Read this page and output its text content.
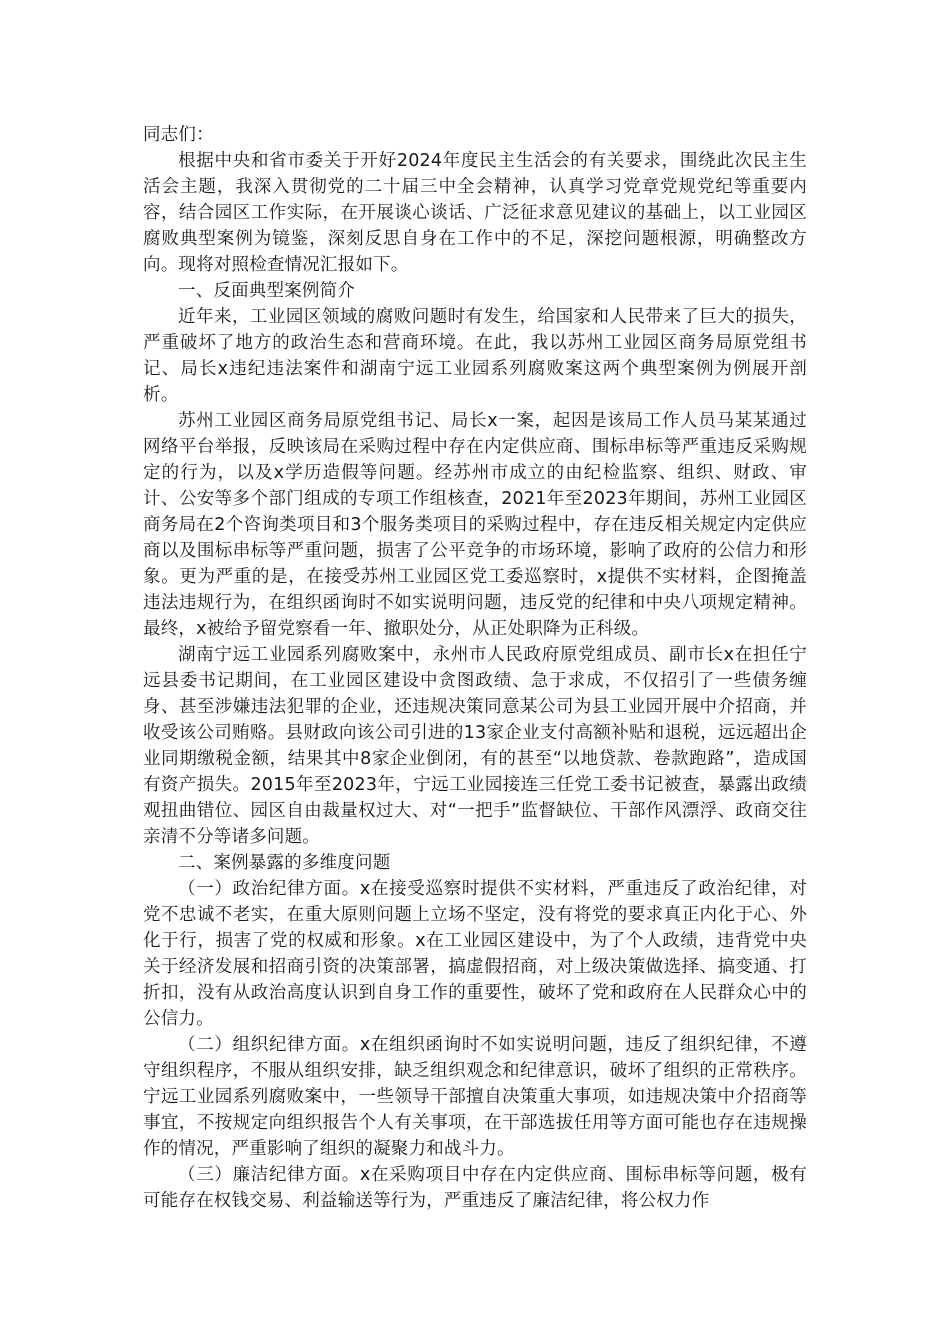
同志们：

根据中央和省市委关于开好2024年度民主生活会的有关要求，围绕此次民主生活会主题，我深入贯彻党的二十届三中全会精神，认真学习党章党规党纪等重要内容，结合园区工作实际，在开展谈心谈话、广泛征求意见建议的基础上，以工业园区腐败典型案例为镜鉴，深刻反思自身在工作中的不足，深挖问题根源，明确整改方向。现将对照检查情况汇报如下。

一、反面典型案例简介

近年来，工业园区领域的腐败问题时有发生，给国家和人民带来了巨大的损失，严重破坏了地方的政治生态和营商环境。在此，我以苏州工业园区商务局原党组书记、局长x违纪违法案件和湖南宁远工业园系列腐败案这两个典型案例为例展开剖析。

苏州工业园区商务局原党组书记、局长x一案，起因是该局工作人员马某某通过网络平台举报，反映该局在采购过程中存在内定供应商、围标串标等严重违反采购规定的行为，以及x学历造假等问题。经苏州市成立的由纪检监察、组织、财政、审计、公安等多个部门组成的专项工作组核查，2021年至2023年期间，苏州工业园区商务局在2个咨询类项目和3个服务类项目的采购过程中，存在违反相关规定内定供应商以及围标串标等严重问题，损害了公平竞争的市场环境，影响了政府的公信力和形象。更为严重的是，在接受苏州工业园区党工委巡察时，x提供不实材料，企图掩盖违法违规行为，在组织函询时不如实说明问题，违反党的纪律和中央八项规定精神。最终，x被给予留党察看一年、撤职处分，从正处职降为正科级。

湖南宁远工业园系列腐败案中，永州市人民政府原党组成员、副市长x在担任宁远县委书记期间，在工业园区建设中贪图政绩、急于求成，不仅招引了一些债务缠身、甚至涉嫌违法犯罪的企业，还违规决策同意某公司为县工业园开展中介招商，并收受该公司贿赂。县财政向该公司引进的13家企业支付高额补贴和退税，远远超出企业同期缴税金额，结果其中8家企业倒闭，有的甚至“以地贷款、卷款跑路”，造成国有资产损失。2015年至2023年，宁远工业园接连三任党工委书记被查，暴露出政绩观扭曲错位、园区自由裁量权过大、对“一把手”监督缺位、干部作风漂浮、政商交往亲清不分等诸多问题。

二、案例暴露的多维度问题

（一）政治纪律方面。x在接受巡察时提供不实材料，严重违反了政治纪律，对党不忠诚不老实，在重大原则问题上立场不坚定，没有将党的要求真正内化于心、外化于行，损害了党的权威和形象。x在工业园区建设中，为了个人政绩，违背党中央关于经济发展和招商引资的决策部署，搞虚假招商，对上级决策做选择、搞变通、打折扣，没有从政治高度认识到自身工作的重要性，破坏了党和政府在人民群众心中的公信力。

（二）组织纪律方面。x在组织函询时不如实说明问题，违反了组织纪律，不遵守组织程序，不服从组织安排，缺乏组织观念和纪律意识，破坏了组织的正常秩序。宁远工业园系列腐败案中，一些领导干部擅自决策重大事项，如违规决策中介招商等事宜，不按规定向组织报告个人有关事项，在干部选拔任用等方面可能也存在违规操作的情况，严重影响了组织的凝聚力和战斗力。

（三）廉洁纪律方面。x在采购项目中存在内定供应商、围标串标等问题，极有可能存在权钱交易、利益输送等行为，严重违反了廉洁纪律，将公权力作
